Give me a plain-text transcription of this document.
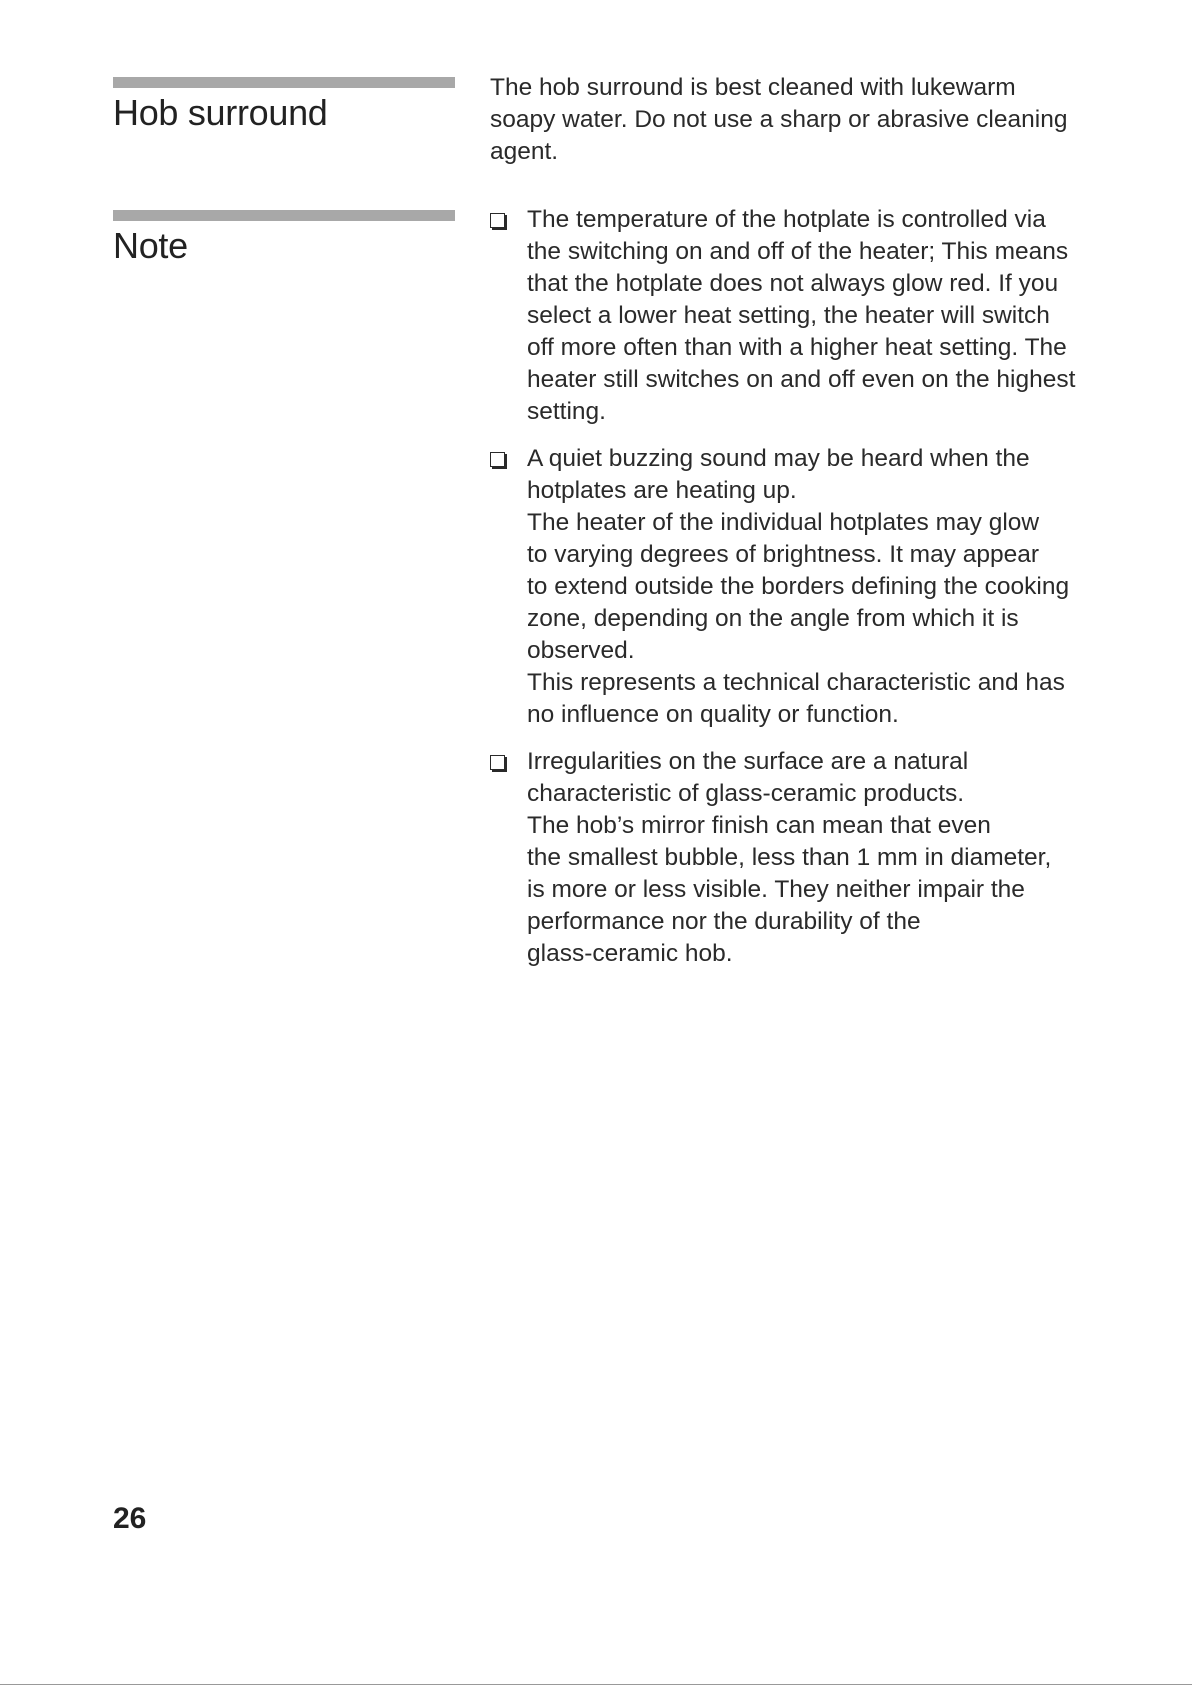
Hob surround
The hob surround is best cleaned with lukewarm
soapy water. Do not use a sharp or abrasive cleaning
agent.
Note
The temperature of the hotplate is controlled via
the switching on and off of the heater; This means
that the hotplate does not always glow red. If you
select a lower heat setting, the heater will switch
off more often than with a higher heat setting. The
heater still switches on and off even on the highest
setting.
A quiet buzzing sound may be heard when the
hotplates are heating up.
The heater of the individual hotplates may glow
to varying degrees of brightness. It may appear
to extend outside the borders defining the cooking
zone, depending on the angle from which it is
observed.
This represents a technical characteristic and has
no influence on quality or function.
Irregularities on the surface are a natural
characteristic of glass-ceramic products.
The hob’s mirror finish can mean that even
the smallest bubble, less than 1 mm in diameter,
is more or less visible. They neither impair the
performance nor the durability of the
glass-ceramic hob.
26
